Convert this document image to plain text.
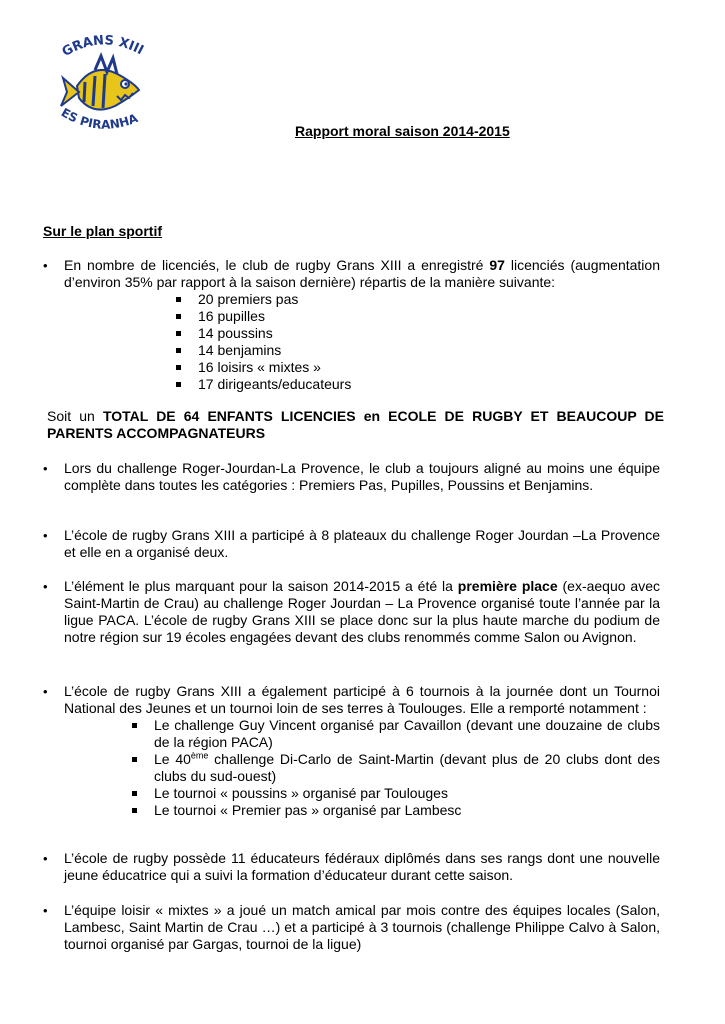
GRANS XIII
ES PIRANHA
Rapport moral saison 2014-2015
Sur le plan sportif
•	En nombre de licenciés, le club de rugby Grans XIII a enregistré 97 licenciés (augmentation d’environ 35% par rapport à la saison dernière) répartis de la manière suivante:
20 premiers pas
16 pupilles
14 poussins
14 benjamins
16 loisirs « mixtes »
17 dirigeants/educateurs
Soit un TOTAL DE 64 ENFANTS LICENCIES en ECOLE DE RUGBY ET BEAUCOUP DE PARENTS ACCOMPAGNATEURS
•	Lors du challenge Roger-Jourdan-La Provence, le club a toujours aligné au moins une équipe complète dans toutes les catégories : Premiers Pas, Pupilles, Poussins et Benjamins.
•	L’école de rugby Grans XIII a participé à 8 plateaux du challenge Roger Jourdan –La Provence et elle en a organisé deux.
•	L’élément le plus marquant pour la saison 2014-2015 a été la première place (ex-aequo avec Saint-Martin de Crau) au challenge Roger Jourdan – La Provence organisé toute l’année par la ligue PACA. L’école de rugby Grans XIII se place donc sur la plus haute marche du podium de notre région sur 19 écoles engagées devant des clubs renommés comme Salon ou Avignon.
•	L’école de rugby Grans XIII a également participé à 6 tournois à la journée dont un Tournoi National des Jeunes et un tournoi loin de ses terres à Toulouges. Elle a remporté notamment :
Le challenge Guy Vincent organisé par Cavaillon (devant une douzaine de clubs de la région PACA)
Le 40ème challenge Di-Carlo de Saint-Martin (devant plus de 20 clubs dont des clubs du sud-ouest)
Le tournoi « poussins » organisé par Toulouges
Le tournoi « Premier pas » organisé par Lambesc
•	L’école de rugby possède 11 éducateurs fédéraux diplômés dans ses rangs dont une nouvelle jeune éducatrice qui a suivi la formation d’éducateur durant cette saison.
•	L’équipe loisir « mixtes » a joué un match amical par mois contre des équipes locales (Salon, Lambesc, Saint Martin de Crau …) et a participé à 3 tournois (challenge Philippe Calvo à Salon, tournoi organisé par Gargas, tournoi de la ligue)
